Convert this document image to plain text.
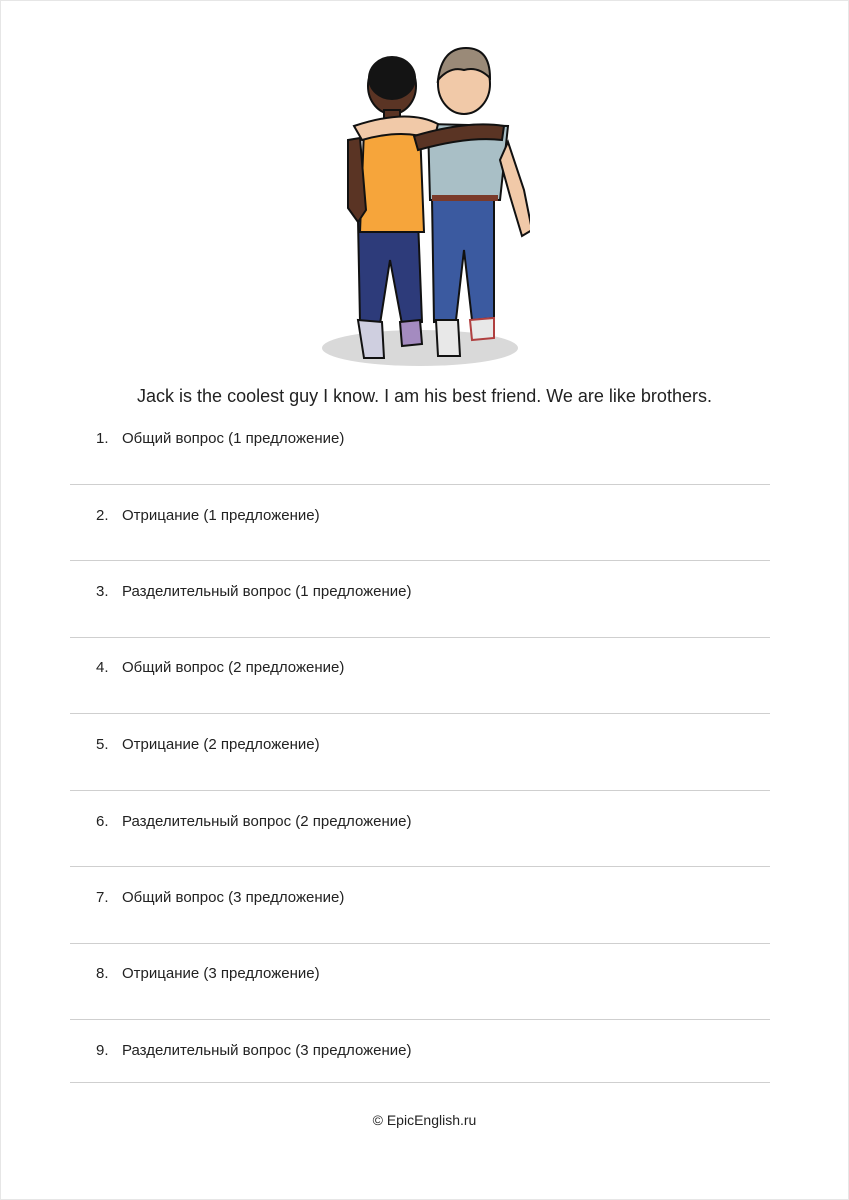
Jack is the coolest guy I know. I am his best friend. We are like brothers.
1. Общий вопрос (1 предложение)
2. Отрицание (1 предложение)
3. Разделительный вопрос (1 предложение)
4. Общий вопрос (2 предложение)
5. Отрицание (2 предложение)
6. Разделительный вопрос (2 предложение)
7. Общий вопрос (3 предложение)
8. Отрицание (3 предложение)
9. Разделительный вопрос (3 предложение)
© EpicEnglish.ru
